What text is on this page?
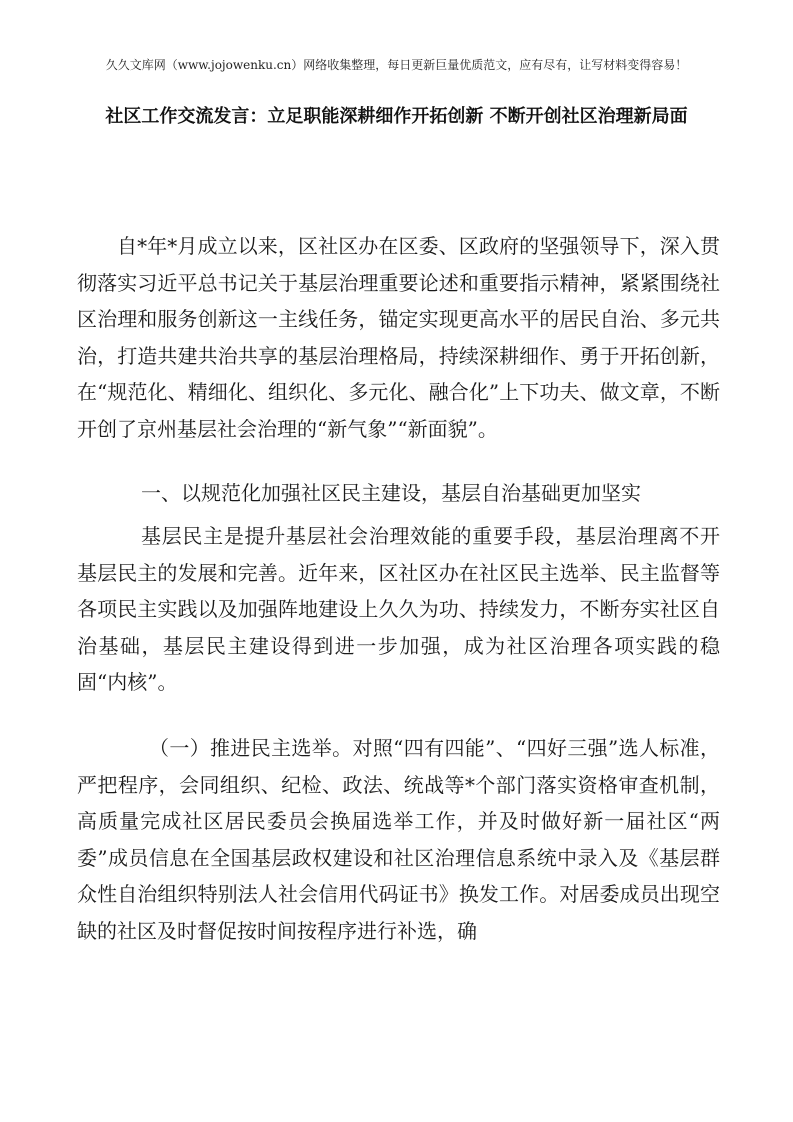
久久文库网（www.jojowenku.cn）网络收集整理，每日更新巨量优质范文，应有尽有，让写材料变得容易！
社区工作交流发言：立足职能深耕细作开拓创新 不断开创社区治理新局面

自*年*月成立以来，区社区办在区委、区政府的坚强领导下，深入贯彻落实习近平总书记关于基层治理重要论述和重要指示精神，紧紧围绕社区治理和服务创新这一主线任务，锚定实现更高水平的居民自治、多元共治，打造共建共治共享的基层治理格局，持续深耕细作、勇于开拓创新，在“规范化、精细化、组织化、多元化、融合化”上下功夫、做文章，不断开创了京州基层社会治理的“新气象”“新面貌”。

一、以规范化加强社区民主建设，基层自治基础更加坚实

基层民主是提升基层社会治理效能的重要手段，基层治理离不开基层民主的发展和完善。近年来，区社区办在社区民主选举、民主监督等各项民主实践以及加强阵地建设上久久为功、持续发力，不断夯实社区自治基础，基层民主建设得到进一步加强，成为社区治理各项实践的稳固“内核”。

（一）推进民主选举。对照“四有四能”、“四好三强”选人标准，严把程序，会同组织、纪检、政法、统战等*个部门落实资格审查机制，高质量完成社区居民委员会换届选举工作，并及时做好新一届社区“两委”成员信息在全国基层政权建设和社区治理信息系统中录入及《基层群众性自治组织特别法人社会信用代码证书》换发工作。对居委成员出现空缺的社区及时督促按时间按程序进行补选，确
